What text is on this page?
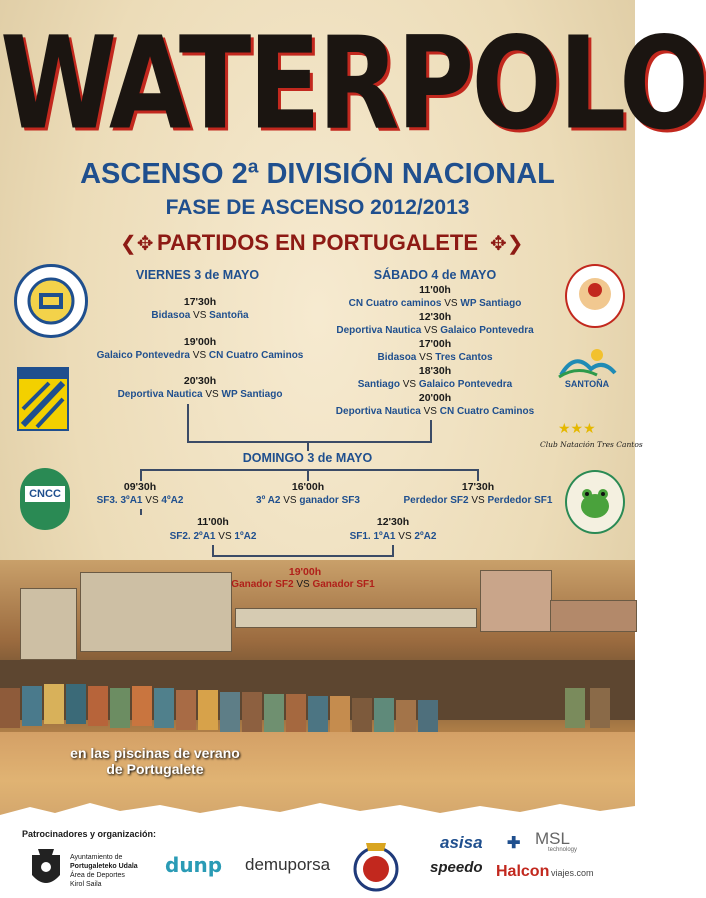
WATERPOLO
ASCENSO 2ª DIVISIÓN NACIONAL
FASE DE ASCENSO 2012/2013
❮✥ PARTIDOS EN PORTUGALETE ✥❯
CNCC
SANTOÑA
★★★
Club Natación Tres Cantos
VIERNES 3 de MAYO
17'30h
Bidasoa VS Santoña
19'00h
Galaico Pontevedra VS CN Cuatro Caminos
20'30h
Deportiva Nautica VS WP Santiago
SÁBADO 4 de MAYO
11'00h
CN Cuatro caminos VS WP Santiago
12'30h
Deportiva Nautica VS Galaico Pontevedra
17'00h
Bidasoa VS Tres Cantos
18'30h
Santiago VS Galaico Pontevedra
20'00h
Deportiva Nautica VS CN Cuatro Caminos
DOMINGO 3 de MAYO
09'30h
SF3. 3ºA1 VS 4ºA2
16'00h
3º A2 VS ganador SF3
17'30h
Perdedor SF2 VS Perdedor SF1
11'00h
SF2. 2ºA1 VS 1ºA2
12'30h
SF1. 1ºA1 VS 2ºA2
19'00h
Ganador SF2 VS Ganador SF1
en las piscinas de verano
de Portugalete
Patrocinadores y organización:
Ayuntamiento de
Portugaleteko Udala
Área de Deportes
Kirol Saila
dunp demuporsa
asisa ✚ MSL
technology
speedo Halcon viajes.com
